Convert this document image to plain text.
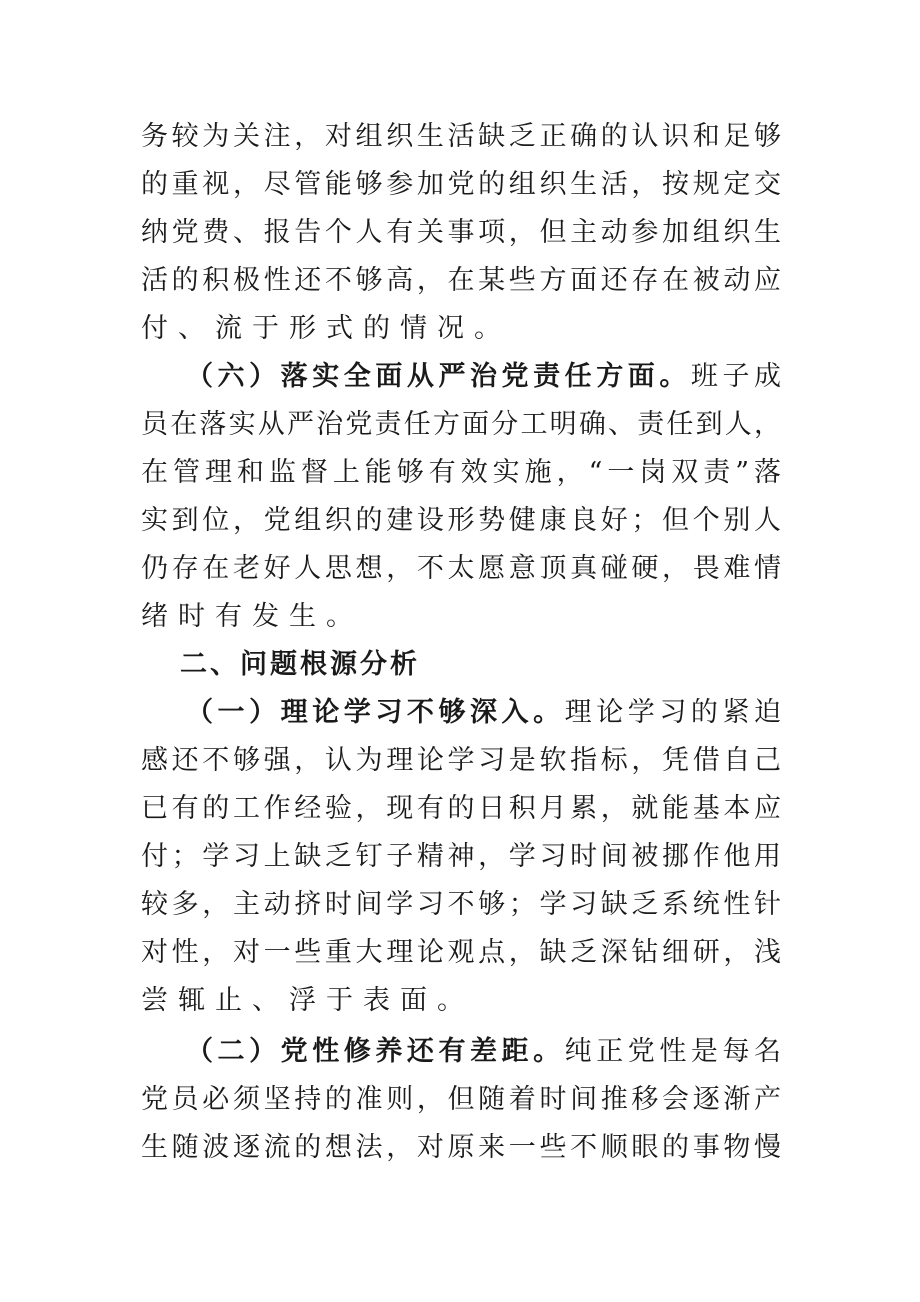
务较为关注，对组织生活缺乏正确的认识和足够
的重视，尽管能够参加党的组织生活，按规定交
纳党费、报告个人有关事项，但主动参加组织生
活的积极性还不够高，在某些方面还存在被动应
付、流于形式的情况。
（六）落实全面从严治党责任方面。班子成
员在落实从严治党责任方面分工明确、责任到人，
在管理和监督上能够有效实施，“一岗双责”落
实到位，党组织的建设形势健康良好；但个别人
仍存在老好人思想，不太愿意顶真碰硬，畏难情
绪时有发生。
二、问题根源分析
（一）理论学习不够深入。理论学习的紧迫
感还不够强，认为理论学习是软指标，凭借自己
已有的工作经验，现有的日积月累，就能基本应
付；学习上缺乏钉子精神，学习时间被挪作他用
较多，主动挤时间学习不够；学习缺乏系统性针
对性，对一些重大理论观点，缺乏深钻细研，浅
尝辄止、浮于表面。
（二）党性修养还有差距。纯正党性是每名
党员必须坚持的准则，但随着时间推移会逐渐产
生随波逐流的想法，对原来一些不顺眼的事物慢
